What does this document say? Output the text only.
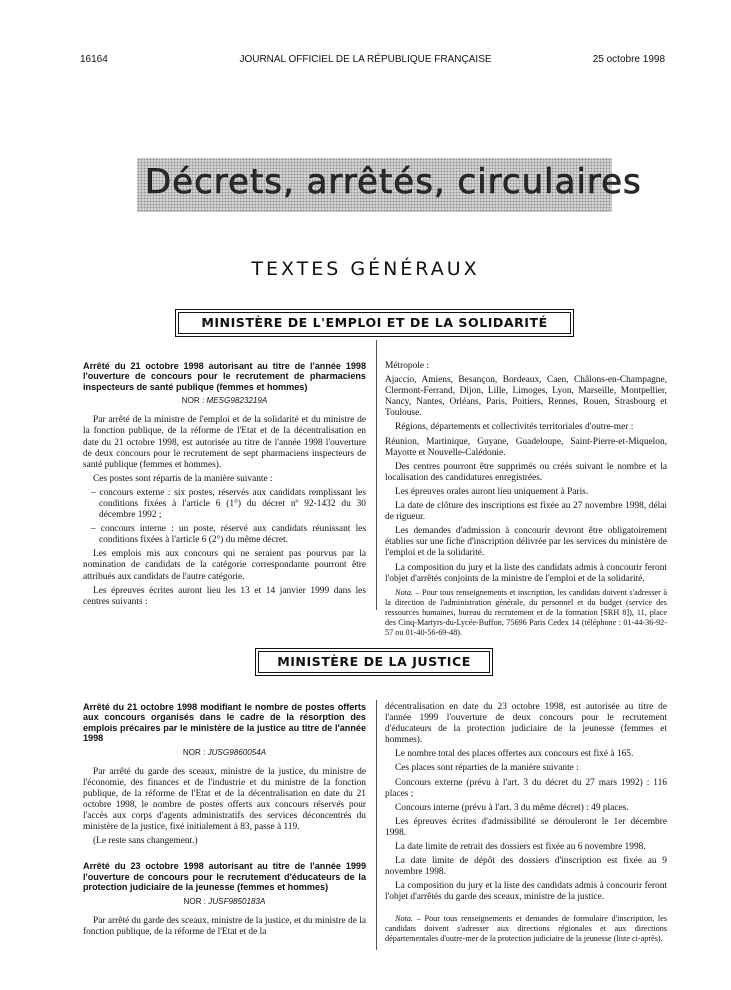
16164	JOURNAL OFFICIEL DE LA RÉPUBLIQUE FRANÇAISE	25 octobre 1998
Décrets, arrêtés, circulaires
TEXTES GÉNÉRAUX
MINISTÈRE DE L'EMPLOI ET DE LA SOLIDARITÉ
Arrêté du 21 octobre 1998 autorisant au titre de l'année 1998 l'ouverture de concours pour le recrutement de pharmaciens inspecteurs de santé publique (femmes et hommes)
NOR : MESG9823219A

Par arrêté de la ministre de l'emploi et de la solidarité et du ministre de la fonction publique, de la réforme de l'Etat et de la décentralisation en date du 21 octobre 1998, est autorisée au titre de l'année 1998 l'ouverture de deux concours pour le recrutement de sept pharmaciens inspecteurs de santé publique (femmes et hommes).

Ces postes sont répartis de la manière suivante :

– concours externe : six postes, réservés aux candidats remplissant les conditions fixées à l'article 6 (1°) du décret nº 92-1432 du 30 décembre 1992 ;

– concours interne : un poste, réservé aux candidats réunissant les conditions fixées à l'article 6 (2°) du même décret.

Les emplois mis aux concours qui ne seraient pas pourvus par la nomination de candidats de la catégorie correspondante pourront être attribués aux candidats de l'autre catégorie.

Les épreuves écrites auront lieu les 13 et 14 janvier 1999 dans les centres suivants :

Métropole :

Ajaccio, Amiens, Besançon, Bordeaux, Caen, Châlons-en-Champagne, Clermont-Ferrand, Dijon, Lille, Limoges, Lyon, Marseille, Montpellier, Nancy, Nantes, Orléans, Paris, Poitiers, Rennes, Rouen, Strasbourg et Toulouse.

Régions, départements et collectivités territoriales d'outre-mer :

Réunion, Martinique, Guyane, Guadeloupe, Saint-Pierre-et-Miquelon, Mayotte et Nouvelle-Calédonie.

Des centres pourront être supprimés ou créés suivant le nombre et la localisation des candidatures enregistrées.

Les épreuves orales auront lieu uniquement à Paris.

La date de clôture des inscriptions est fixée au 27 novembre 1998, délai de rigueur.

Les demandes d'admission à concourir devront être obligatoirement établies sur une fiche d'inscription délivrée par les services du ministère de l'emploi et de la solidarité.

La composition du jury et la liste des candidats admis à concourir feront l'objet d'arrêtés conjoints de la ministre de l'emploi et de la solidarité.

Nota. – Pour tous renseignements et inscription, les candidats doivent s'adresser à la direction de l'administration générale, du personnel et du budget (service des ressources humaines, bureau du recrutement et de la formation [SRH 8]), 11, place des Cinq-Martyrs-du-Lycée-Buffon, 75696 Paris Cedex 14 (téléphone : 01-44-36-92-57 ou 01-40-56-69-48).

MINISTÈRE DE LA JUSTICE
Arrêté du 21 octobre 1998 modifiant le nombre de postes offerts aux concours organisés dans le cadre de la résorption des emplois précaires par le ministère de la justice au titre de l'année 1998
NOR : JUSG9860054A

Par arrêté du garde des sceaux, ministre de la justice, du ministre de l'économie, des finances et de l'industrie et du ministre de la fonction publique, de la réforme de l'Etat et de la décentralisation en date du 21 octobre 1998, le nombre de postes offerts aux concours réservés pour l'accès aux corps d'agents administratifs des services déconcentrés du ministère de la justice, fixé initialement à 83, passe à 119.

(Le reste sans changement.)

Arrêté du 23 octobre 1998 autorisant au titre de l'année 1999 l'ouverture de concours pour le recrutement d'éducateurs de la protection judiciaire de la jeunesse (femmes et hommes)
NOR : JUSF9850183A

Par arrêté du garde des sceaux, ministre de la justice, et du ministre de la fonction publique, de la réforme de l'Etat et de la

décentralisation en date du 23 octobre 1998, est autorisée au titre de l'année 1999 l'ouverture de deux concours pour le recrutement d'éducateurs de la protection judiciaire de la jeunesse (femmes et hommes).

Le nombre total des places offertes aux concours est fixé à 165.

Ces places sont réparties de la manière suivante :

Concours externe (prévu à l'art. 3 du décret du 27 mars 1992) : 116 places ;

Concours interne (prévu à l'art. 3 du même décret) : 49 places.

Les épreuves écrites d'admissibilité se dérouleront le 1er décembre 1998.

La date limite de retrait des dossiers est fixée au 6 novembre 1998.

La date limite de dépôt des dossiers d'inscription est fixée au 9 novembre 1998.

La composition du jury et la liste des candidats admis à concourir feront l'objet d'arrêtés du garde des sceaux, ministre de la justice.

Nota. – Pour tous renseignements et demandes de formulaire d'inscription, les candidats doivent s'adresser aux directions régionales et aux directions départementales d'outre-mer de la protection judiciaire de la jeunesse (liste ci-après).
